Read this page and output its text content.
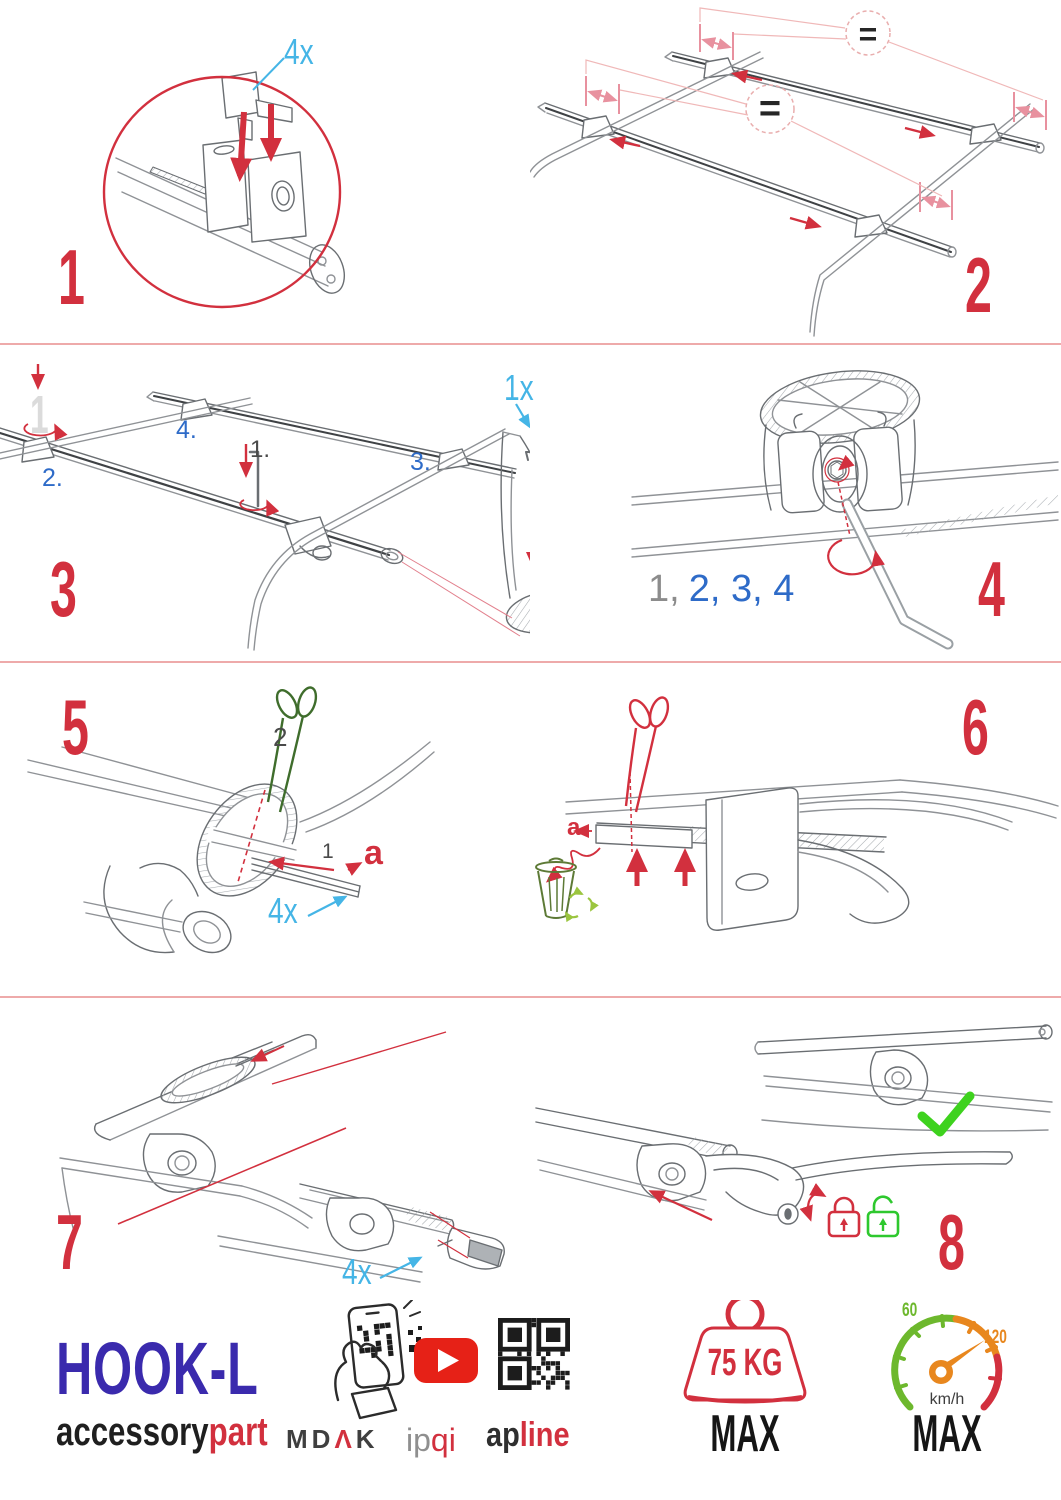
4x
1
=
=
2
1
2.
4.
1.	3.
1x
3	1, 2, 3, 4 4
5	2
1 a
4x
6
a
7	4x	8
HOOK-L
accessorypart MDΛK ipqi apline
75 KG
MAX
60
120
km/h
MAX
